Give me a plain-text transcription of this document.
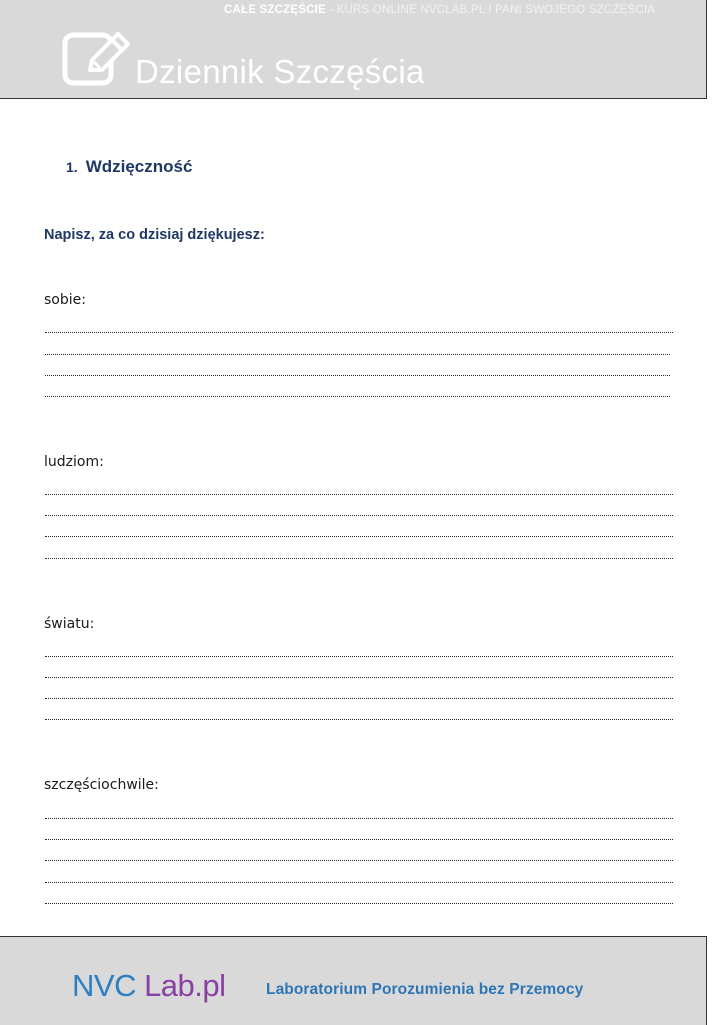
CAŁE SZCZĘŚCIE - KURS ONLINE NVCLAB.PL I PANI SWOJEGO SZCZĘŚCIA
Dziennik Szczęścia
1. Wdzięczność
Napisz, za co dzisiaj dziękujesz:
sobie:
ludziom:
światu:
szczęściochwile:
NVC Lab.pl	Laboratorium Porozumienia bez Przemocy
